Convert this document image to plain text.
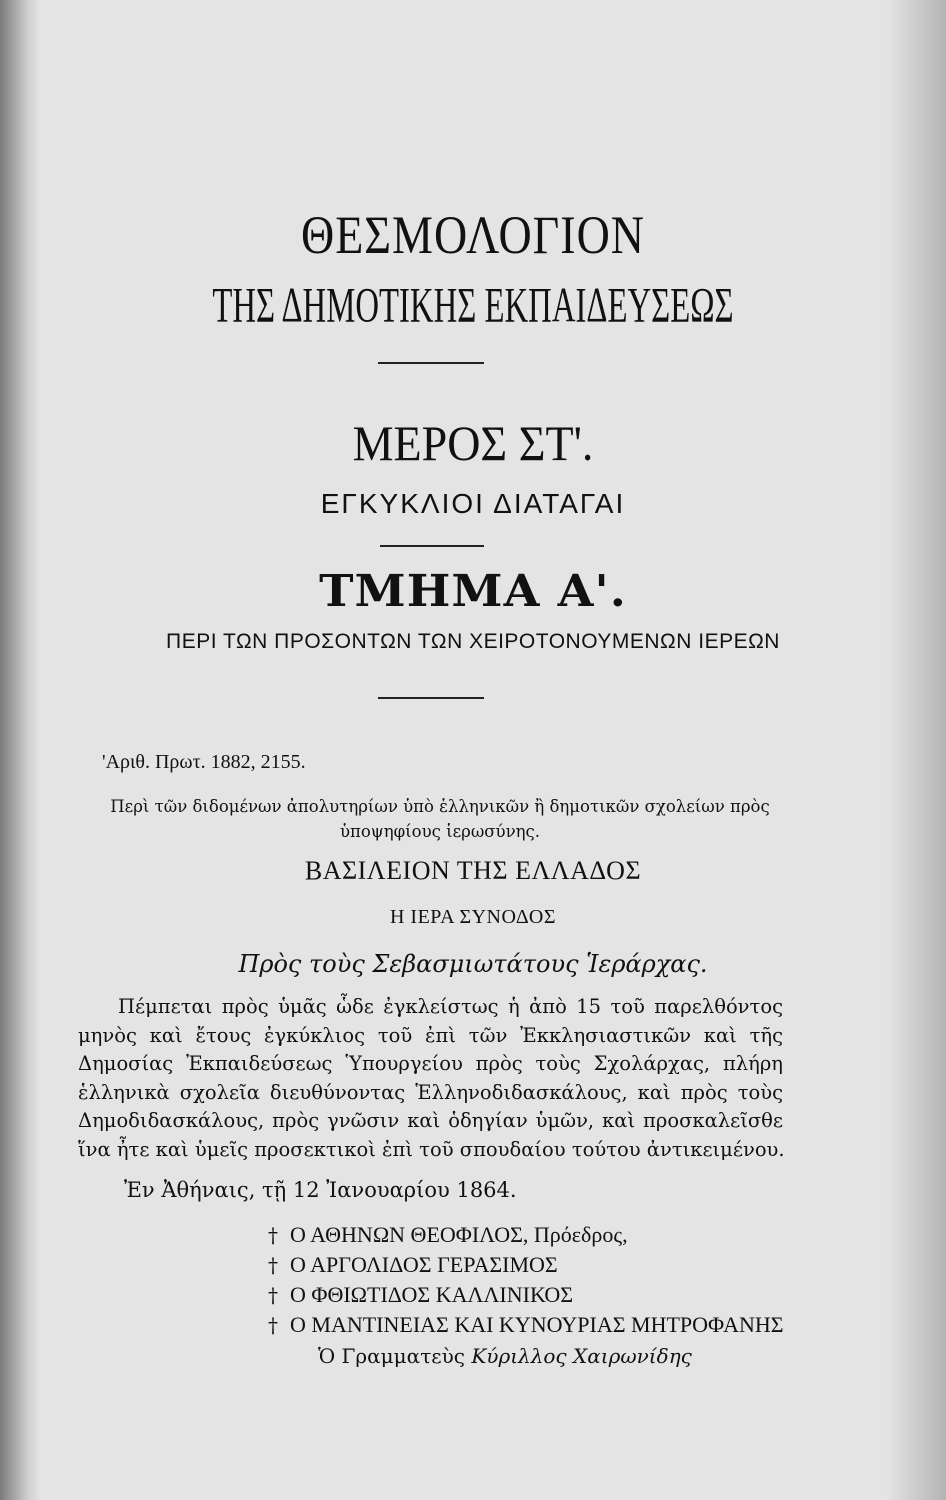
ΘΕΣΜΟΛΟΓΙΟΝ
ΤΗΣ ΔΗΜΟΤΙΚΗΣ ΕΚΠΑΙΔΕΥΣΕΩΣ
ΜΕΡΟΣ ΣΤ'.
ΕΓΚΥΚΛΙΟΙ ΔΙΑΤΑΓΑΙ
ΤΜΗΜΑ Α'.
ΠΕΡΙ ΤΩΝ ΠΡΟΣΟΝΤΩΝ ΤΩΝ ΧΕΙΡΟΤΟΝΟΥΜΕΝΩΝ ΙΕΡΕΩΝ
'Αριθ. Πρωτ. 1882, 2155.
Περὶ τῶν διδομένων ἀπολυτηρίων ὑπὸ ἑλληνικῶν ἢ δημοτικῶν σχολείων πρὸς
ὑποψηφίους ἱερωσύνης.
ΒΑΣΙΛΕΙΟΝ ΤΗΣ ΕΛΛΑΔΟΣ
Η ΙΕΡΑ ΣΥΝΟΔΟΣ
Πρὸς τοὺς Σεβασμιωτάτους Ἱεράρχας.
Πέμπεται πρὸς ὑμᾶς ὧδε ἐγκλείστως ἡ ἀπὸ 15 τοῦ παρελθόντος
μηνὸς καὶ ἔτους ἐγκύκλιος τοῦ ἐπὶ τῶν Ἐκκλησιαστικῶν καὶ τῆς
Δημοσίας Ἐκπαιδεύσεως Ὑπουργείου πρὸς τοὺς Σχολάρχας, πλήρη
ἑλληνικὰ σχολεῖα διευθύνοντας Ἑλληνοδιδασκάλους, καὶ πρὸς τοὺς
Δημοδιδασκάλους, πρὸς γνῶσιν καὶ ὁδηγίαν ὑμῶν, καὶ προσκαλεῖσθε
ἵνα ἦτε καὶ ὑμεῖς προσεκτικοὶ ἐπὶ τοῦ σπουδαίου τούτου ἀντικειμένου.
Ἐν Ἀθήναις, τῇ 12 Ἰανουαρίου 1864.
† Ο ΑΘΗΝΩΝ ΘΕΟΦΙΛΟΣ, Πρόεδρος,
† Ο ΑΡΓΟΛΙΔΟΣ ΓΕΡΑΣΙΜΟΣ
† Ο ΦΘΙΩΤΙΔΟΣ ΚΑΛΛΙΝΙΚΟΣ
† Ο ΜΑΝΤΙΝΕΙΑΣ ΚΑΙ ΚΥΝΟΥΡΙΑΣ ΜΗΤΡΟΦΑΝΗΣ
Ὁ Γραμματεὺς Κύριλλος Χαιρωνίδης
